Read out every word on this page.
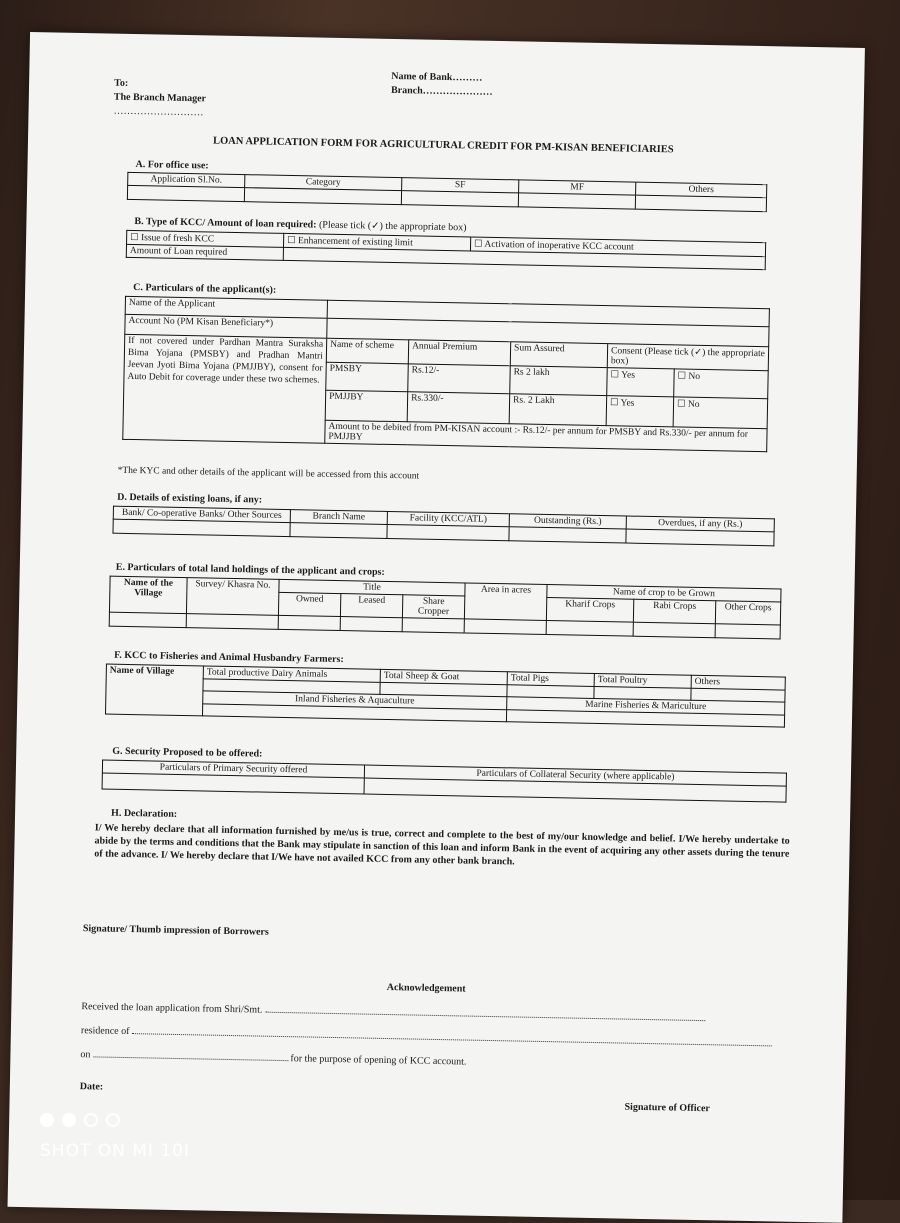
Name of Bank………
Branch…………………
To:
The Branch Manager
………………………
LOAN APPLICATION FORM FOR AGRICULTURAL CREDIT FOR PM-KISAN BENEFICIARIES
A. For office use:
Application Sl.No.	Category	SF	MF	Others

B. Type of KCC/ Amount of loan required: (Please tick (✓) the appropriate box)
☐ Issue of fresh KCC	☐ Enhancement of existing limit	☐ Activation of inoperative KCC account
Amount of Loan required		
C. Particulars of the applicant(s):
Name of the Applicant					
Account No (PM Kisan Beneficiary*)					
If not covered under Pardhan Mantra Suraksha Bima Yojana (PMSBY) and Pradhan Mantri Jeevan Jyoti Bima Yojana (PMJJBY), consent for Auto Debit for coverage under these two schemes.	Name of scheme	Annual Premium	Sum Assured	Consent (Please tick (✓) the appropriate box)	
	PMSBY	Rs.12/-	Rs 2 lakh	☐ Yes	☐ No
	PMJJBY	Rs.330/-	Rs. 2 Lakh	☐ Yes	☐ No
	Amount to be debited from PM-KISAN account :- Rs.12/- per annum for PMSBY and Rs.330/- per annum for PMJJBY				
*The KYC and other details of the applicant will be accessed from this account
D. Details of existing loans, if any:
Bank/ Co-operative Banks/ Other Sources	Branch Name	Facility (KCC/ATL)	Outstanding (Rs.)	Overdues, if any (Rs.)

E. Particulars of total land holdings of the applicant and crops:
Name of the Village	Survey/ Khasra No.	Title			Area in acres	Name of crop to be Grown		
		Owned	Leased	Share Cropper		Kharif Crops	Rabi Crops	Other Crops

F. KCC to Fisheries and Animal Husbandry Farmers:
Name of Village	Total productive Dairy Animals	Total Sheep & Goat	Total Pigs	Total Poultry	Others

	Inland Fisheries & Aquaculture		Marine Fisheries & Mariculture		

G. Security Proposed to be offered:
Particulars of Primary Security offered	Particulars of Collateral Security (where applicable)

H. Declaration:
I/ We hereby declare that all information furnished by me/us is true, correct and complete to the best of my/our knowledge and belief. I/We hereby undertake to abide by the terms and conditions that the Bank may stipulate in sanction of this loan and inform Bank in the event of acquiring any other assets during the tenure of the advance. I/ We hereby declare that I/We have not availed KCC from any other bank branch.
Signature/ Thumb impression of Borrowers
Acknowledgement
Received the loan application from Shri/Smt.
residence of
on	for the purpose of opening of KCC account.
Date:
Signature of Officer
SHOT ON MI 10I
